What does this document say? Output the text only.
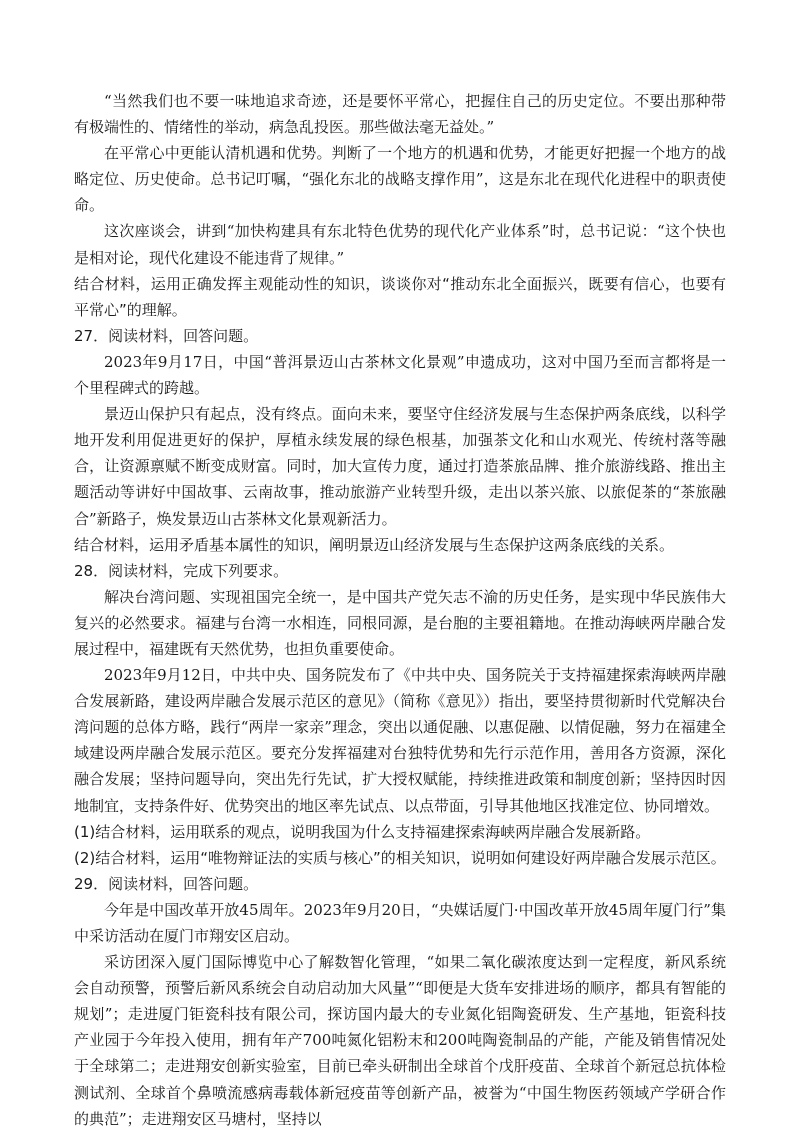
“当然我们也不要一味地追求奇迹，还是要怀平常心，把握住自己的历史定位。不要出那种带有极端性的、情绪性的举动，病急乱投医。那些做法毫无益处。”

在平常心中更能认清机遇和优势。判断了一个地方的机遇和优势，才能更好把握一个地方的战略定位、历史使命。总书记叮嘱，“强化东北的战略支撑作用”，这是东北在现代化进程中的职责使命。

这次座谈会，讲到“加快构建具有东北特色优势的现代化产业体系”时，总书记说：“这个快也是相对论，现代化建设不能违背了规律。”

结合材料，运用正确发挥主观能动性的知识，谈谈你对“推动东北全面振兴，既要有信心，也要有平常心”的理解。

27．阅读材料，回答问题。

2023年9月17日，中国“普洱景迈山古茶林文化景观”申遗成功，这对中国乃至而言都将是一个里程碑式的跨越。

景迈山保护只有起点，没有终点。面向未来，要坚守住经济发展与生态保护两条底线，以科学地开发利用促进更好的保护，厚植永续发展的绿色根基，加强茶文化和山水观光、传统村落等融合，让资源禀赋不断变成财富。同时，加大宣传力度，通过打造茶旅品牌、推介旅游线路、推出主题活动等讲好中国故事、云南故事，推动旅游产业转型升级，走出以茶兴旅、以旅促茶的“茶旅融合”新路子，焕发景迈山古茶林文化景观新活力。

结合材料，运用矛盾基本属性的知识，阐明景迈山经济发展与生态保护这两条底线的关系。

28．阅读材料，完成下列要求。

解决台湾问题、实现祖国完全统一，是中国共产党矢志不渝的历史任务，是实现中华民族伟大复兴的必然要求。福建与台湾一水相连，同根同源，是台胞的主要祖籍地。在推动海峡两岸融合发展过程中，福建既有天然优势，也担负重要使命。

2023年9月12日，中共中央、国务院发布了《中共中央、国务院关于支持福建探索海峡两岸融合发展新路，建设两岸融合发展示范区的意见》（简称《意见》）指出，要坚持贯彻新时代党解决台湾问题的总体方略，践行“两岸一家亲”理念，突出以通促融、以惠促融、以情促融，努力在福建全域建设两岸融合发展示范区。要充分发挥福建对台独特优势和先行示范作用，善用各方资源，深化融合发展；坚持问题导向，突出先行先试，扩大授权赋能，持续推进政策和制度创新；坚持因时因地制宜，支持条件好、优势突出的地区率先试点、以点带面，引导其他地区找准定位、协同增效。

(1)结合材料，运用联系的观点，说明我国为什么支持福建探索海峡两岸融合发展新路。

(2)结合材料，运用“唯物辩证法的实质与核心”的相关知识，说明如何建设好两岸融合发展示范区。

29．阅读材料，回答问题。

今年是中国改革开放45周年。2023年9月20日，“央媒话厦门·中国改革开放45周年厦门行”集中采访活动在厦门市翔安区启动。

采访团深入厦门国际博览中心了解数智化管理，“如果二氧化碳浓度达到一定程度，新风系统会自动预警，预警后新风系统会自动启动加大风量”“即便是大货车安排进场的顺序，都具有智能的规划”；走进厦门钜瓷科技有限公司，探访国内最大的专业氮化铝陶瓷研发、生产基地，钜瓷科技产业园于今年投入使用，拥有年产700吨氮化铝粉末和200吨陶瓷制品的产能，产能及销售情况处于全球第二；走进翔安创新实验室，目前已牵头研制出全球首个戊肝疫苗、全球首个新冠总抗体检测试剂、全球首个鼻喷流感病毒载体新冠疫苗等创新产品，被誉为“中国生物医药领域产学研合作的典范”；走进翔安区马塘村，坚持以
